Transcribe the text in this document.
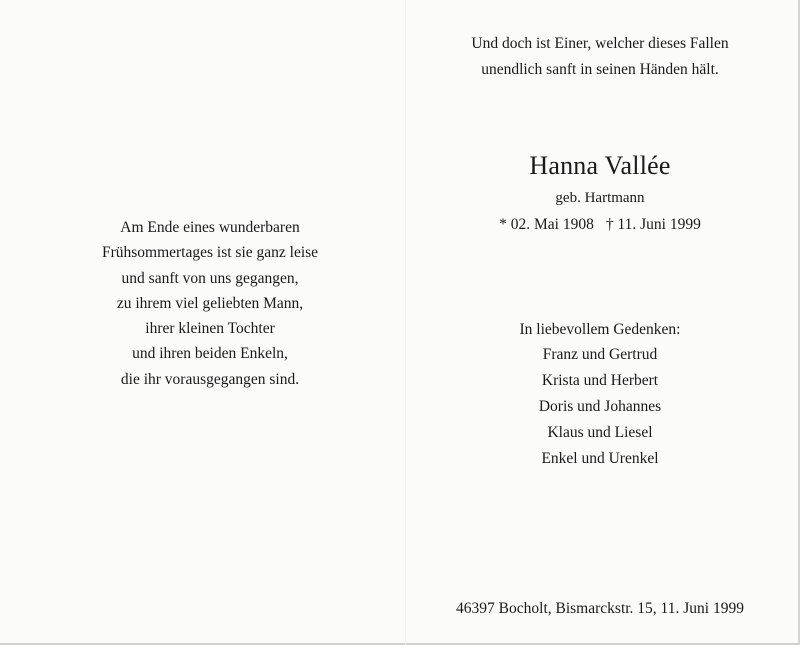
Und doch ist Einer, welcher dieses Fallen
unendlich sanft in seinen Händen hält.
Hanna Vallée
geb. Hartmann
* 02. Mai 1908 † 11. Juni 1999
Am Ende eines wunderbaren
Frühsommertages ist sie ganz leise
und sanft von uns gegangen,
zu ihrem viel geliebten Mann,
ihrer kleinen Tochter
und ihren beiden Enkeln,
die ihr vorausgegangen sind.
In liebevollem Gedenken:
Franz und Gertrud
Krista und Herbert
Doris und Johannes
Klaus und Liesel
Enkel und Urenkel
46397 Bocholt, Bismarckstr. 15, 11. Juni 1999
